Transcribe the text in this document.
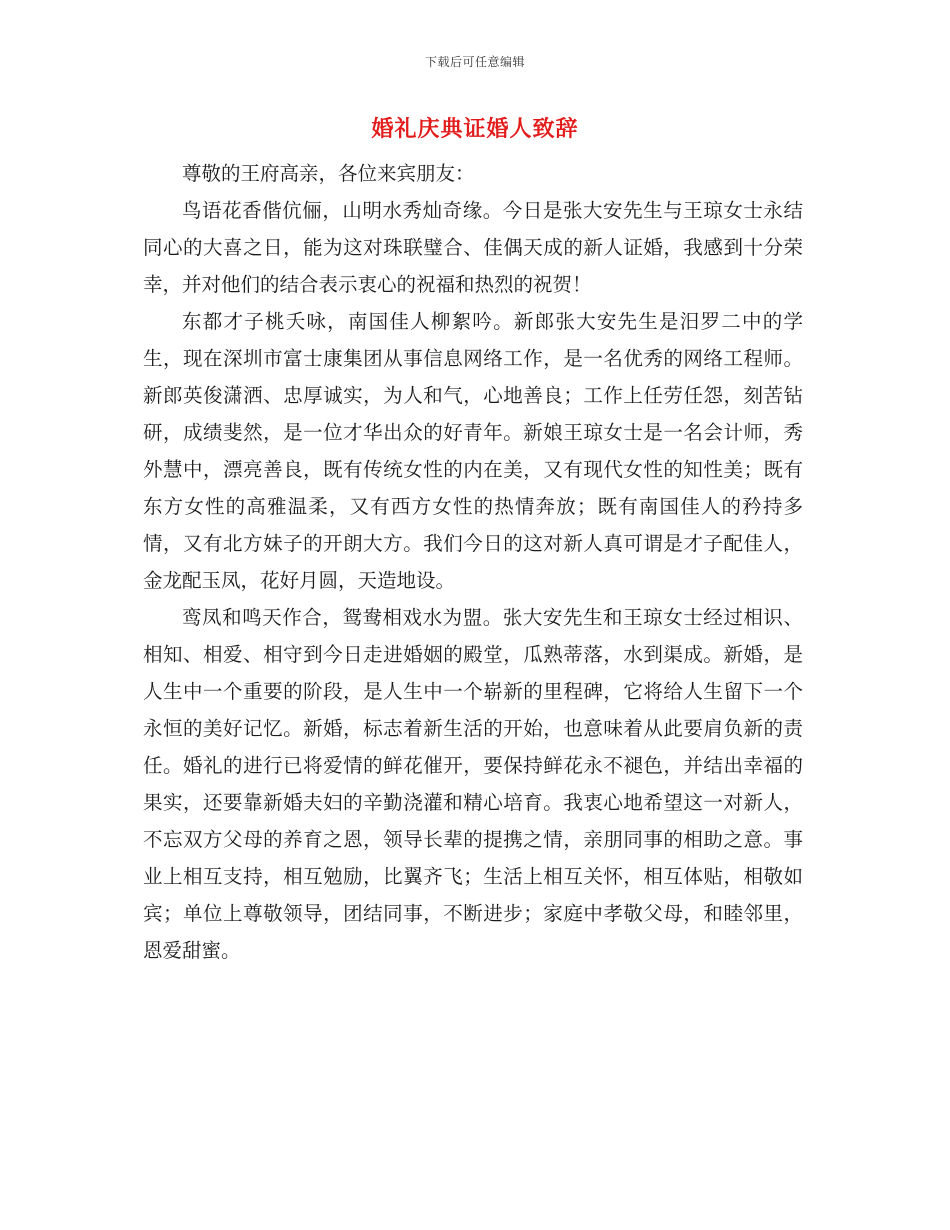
下载后可任意编辑
婚礼庆典证婚人致辞

尊敬的王府高亲，各位来宾朋友：

鸟语花香偕伉俪，山明水秀灿奇缘。今日是张大安先生与王琼女士永结同心的大喜之日，能为这对珠联璧合、佳偶天成的新人证婚，我感到十分荣幸，并对他们的结合表示衷心的祝福和热烈的祝贺！

东都才子桃夭咏，南国佳人柳絮吟。新郎张大安先生是汨罗二中的学生，现在深圳市富士康集团从事信息网络工作，是一名优秀的网络工程师。新郎英俊潇洒、忠厚诚实，为人和气，心地善良；工作上任劳任怨，刻苦钻研，成绩斐然，是一位才华出众的好青年。新娘王琼女士是一名会计师，秀外慧中，漂亮善良，既有传统女性的内在美，又有现代女性的知性美；既有东方女性的高雅温柔，又有西方女性的热情奔放；既有南国佳人的矜持多情，又有北方妹子的开朗大方。我们今日的这对新人真可谓是才子配佳人，金龙配玉凤，花好月圆，天造地设。

鸾凤和鸣天作合，鸳鸯相戏水为盟。张大安先生和王琼女士经过相识、相知、相爱、相守到今日走进婚姻的殿堂，瓜熟蒂落，水到渠成。新婚，是人生中一个重要的阶段，是人生中一个崭新的里程碑，它将给人生留下一个永恒的美好记忆。新婚，标志着新生活的开始，也意味着从此要肩负新的责任。婚礼的进行已将爱情的鲜花催开，要保持鲜花永不褪色，并结出幸福的果实，还要靠新婚夫妇的辛勤浇灌和精心培育。我衷心地希望这一对新人，不忘双方父母的养育之恩，领导长辈的提携之情，亲朋同事的相助之意。事业上相互支持，相互勉励，比翼齐飞；生活上相互关怀，相互体贴，相敬如宾；单位上尊敬领导，团结同事，不断进步；家庭中孝敬父母，和睦邻里，恩爱甜蜜。
